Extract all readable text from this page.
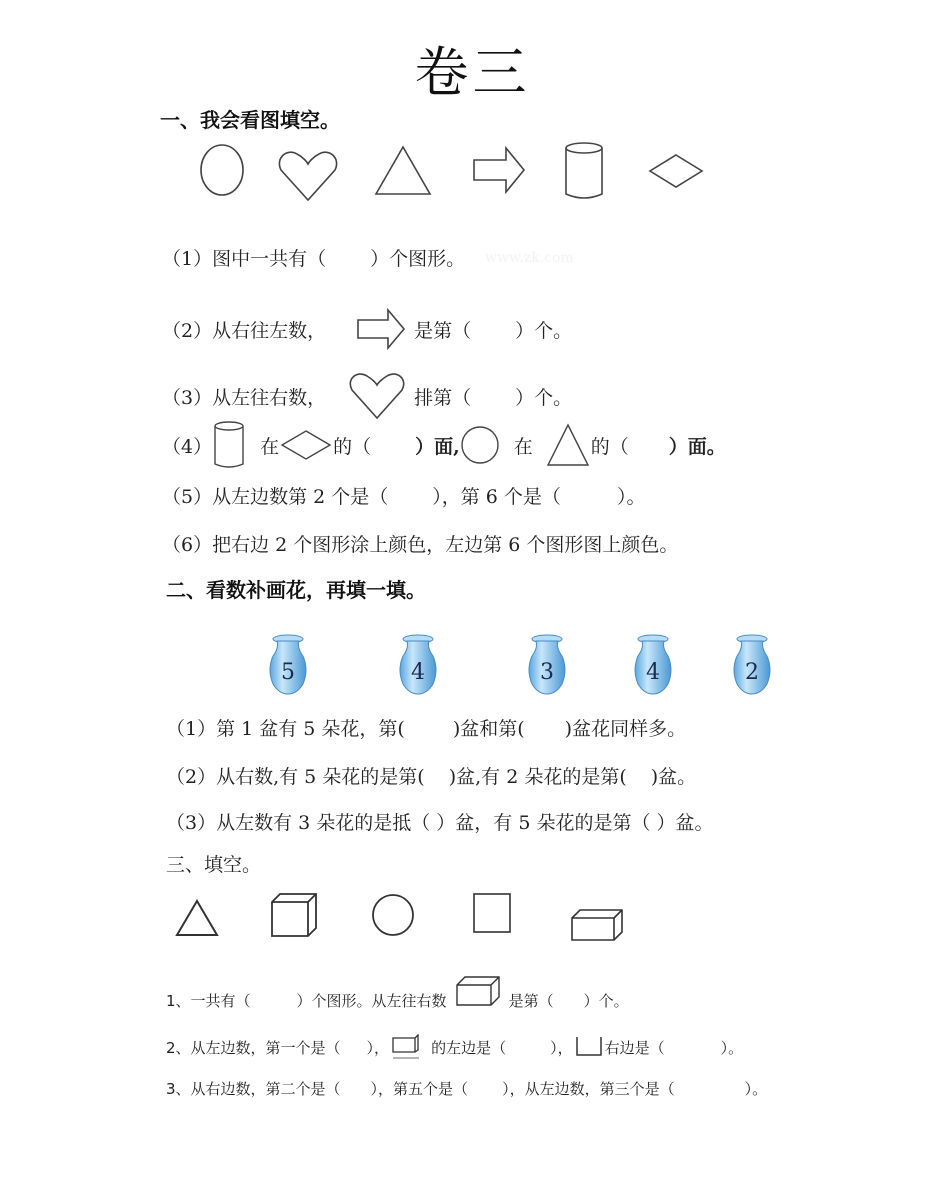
卷三
一、我会看图填空。
（1）图中一共有（ ）个图形。 www.zk.com
（2）从右往左数，	是第（ ）个。
（3）从左往右数，	排第（ ）个。
（4）	在	的（ ）面,	在	的（ ）面。
（5）从左边数第 2 个是（ ），第 6 个是（	）。
（6）把右边 2 个图形涂上颜色，左边第 6 个图形图上颜色。
二、看数补画花，再填一填。
5	4	3	4	2
（1）第 1 盆有 5 朵花，第(	)盆和第( )盆花同样多。
（2）从右数,有 5 朵花的是第( )盆,有 2 朵花的是第( )盆。
（3）从左数有 3 朵花的是抵（ ）盆，有 5 朵花的是第（ ）盆。
三、填空。
1、一共有（	）个图形。从左往右数	是第（ ）个。
2、从左边数，第一个是（ ），	的左边是（	）， 右边是（	）。
3、从右边数，第二个是（ ），第五个是（ ），从左边数，第三个是（	）。
